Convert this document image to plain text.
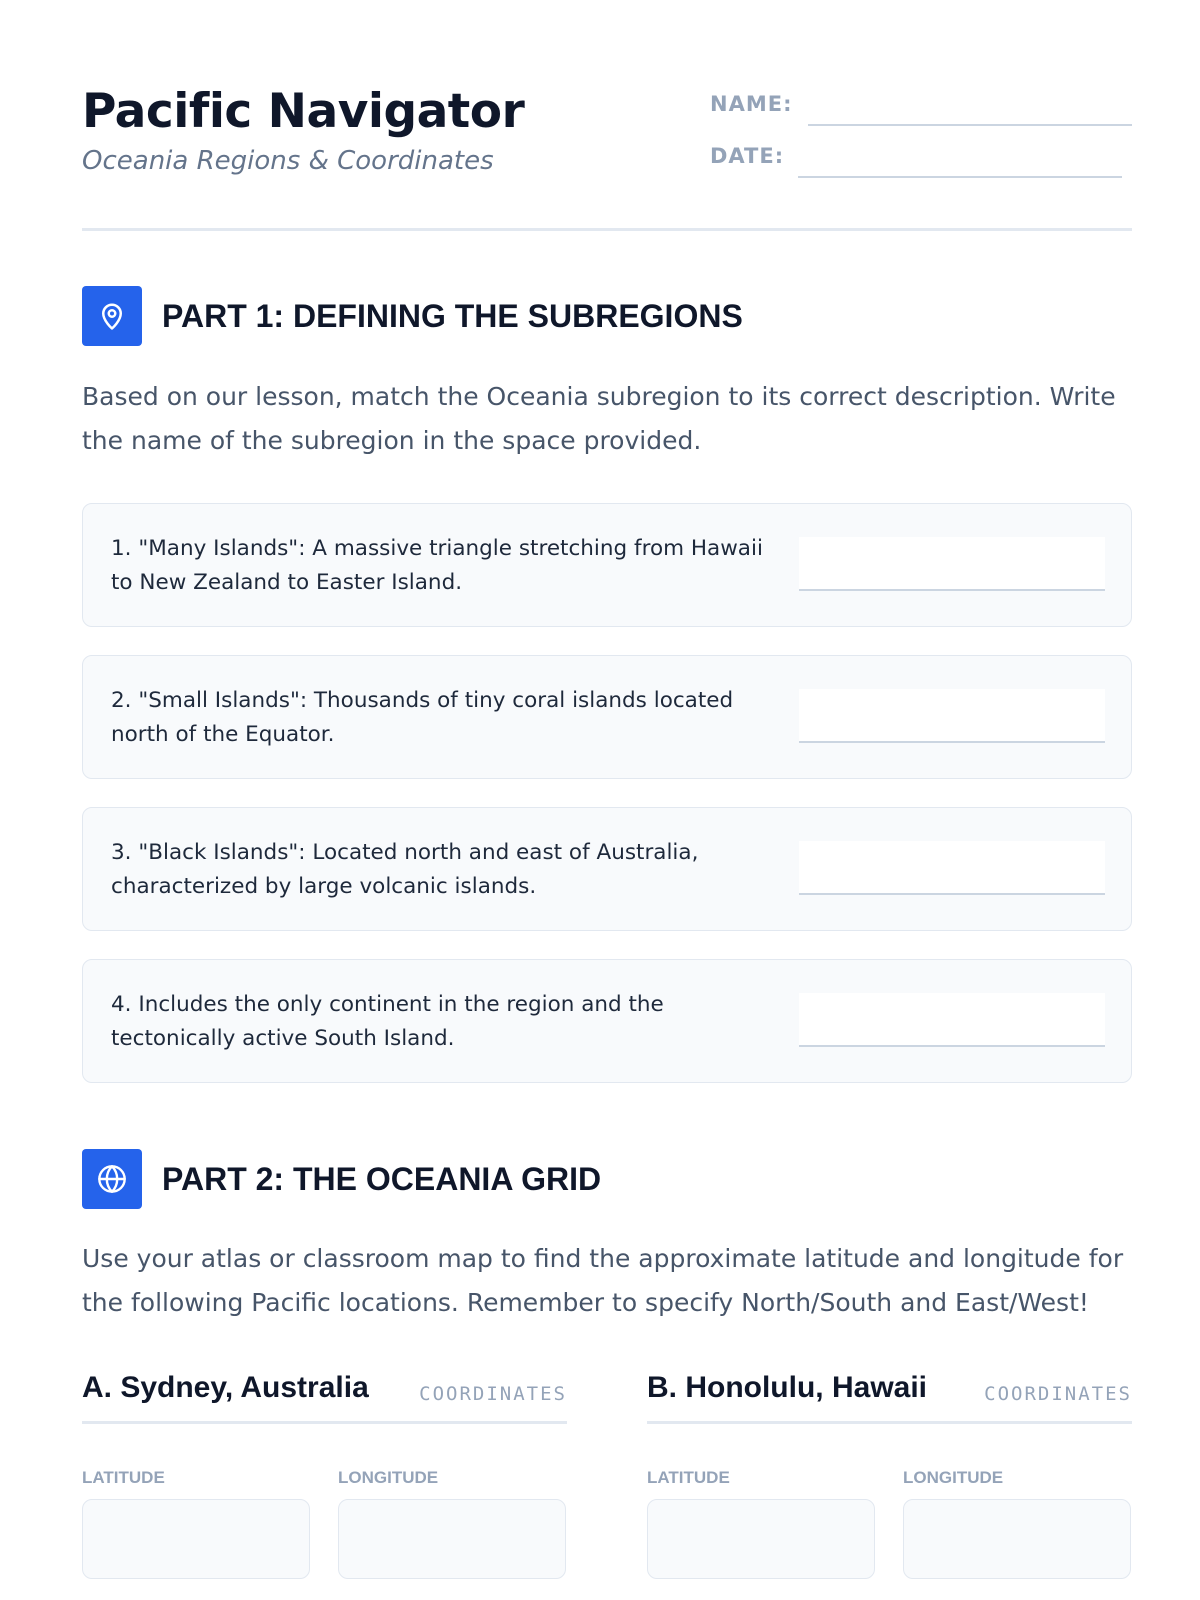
Pacific Navigator
Oceania Regions & Coordinates
NAME:
DATE:
PART 1: DEFINING THE SUBREGIONS
Based on our lesson, match the Oceania subregion to its correct description. Write the name of the subregion in the space provided.
1. "Many Islands": A massive triangle stretching from Hawaii to New Zealand to Easter Island.
2. "Small Islands": Thousands of tiny coral islands located north of the Equator.
3. "Black Islands": Located north and east of Australia, characterized by large volcanic islands.
4. Includes the only continent in the region and the tectonically active South Island.
PART 2: THE OCEANIA GRID
Use your atlas or classroom map to find the approximate latitude and longitude for the following Pacific locations. Remember to specify North/South and East/West!
A. Sydney, Australia	COORDINATES
LATITUDE	LONGITUDE
B. Honolulu, Hawaii	COORDINATES
LATITUDE	LONGITUDE
